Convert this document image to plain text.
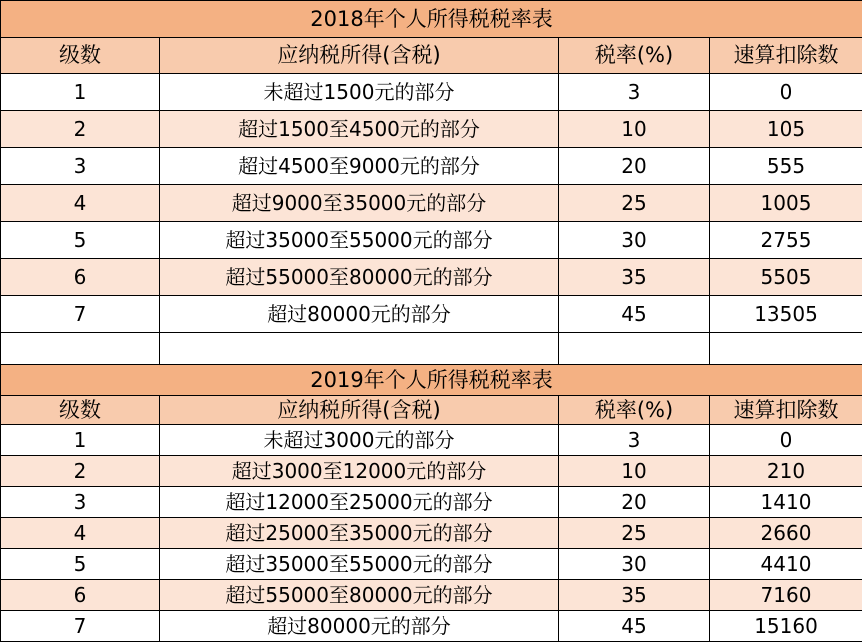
2018年个人所得税税率表			
级数	应纳税所得(含税)	税率(%)	速算扣除数
1	未超过1500元的部分	3	0
2	超过1500至4500元的部分	10	105
3	超过4500至9000元的部分	20	555
4	超过9000至35000元的部分	25	1005
5	超过35000至55000元的部分	30	2755
6	超过55000至80000元的部分	35	5505
7	超过80000元的部分	45	13505

2019年个人所得税税率表			
级数	应纳税所得(含税)	税率(%)	速算扣除数
1	未超过3000元的部分	3	0
2	超过3000至12000元的部分	10	210
3	超过12000至25000元的部分	20	1410
4	超过25000至35000元的部分	25	2660
5	超过35000至55000元的部分	30	4410
6	超过55000至80000元的部分	35	7160
7	超过80000元的部分	45	15160
